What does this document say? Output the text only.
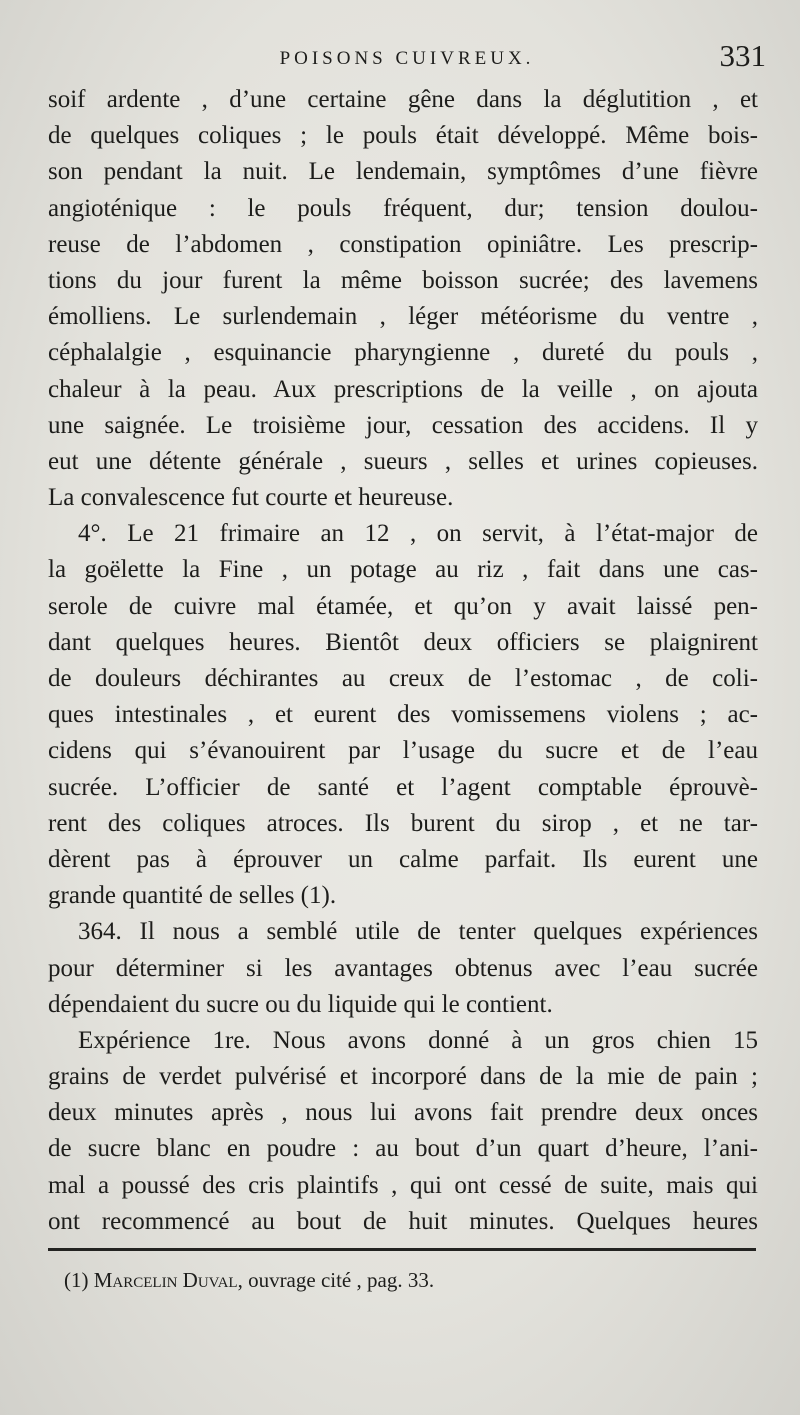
POISONS CUIVREUX.	331
soif ardente , d’une certaine gêne dans la déglutition , et
de quelques coliques ; le pouls était développé. Même bois-
son pendant la nuit. Le lendemain, symptômes d’une fièvre
angioténique : le pouls fréquent, dur; tension doulou-
reuse de l’abdomen , constipation opiniâtre. Les prescrip-
tions du jour furent la même boisson sucrée; des lavemens
émolliens. Le surlendemain , léger météorisme du ventre ,
céphalalgie , esquinancie pharyngienne , dureté du pouls ,
chaleur à la peau. Aux prescriptions de la veille , on ajouta
une saignée. Le troisième jour, cessation des accidens. Il y
eut une détente générale , sueurs , selles et urines copieuses.
La convalescence fut courte et heureuse.
4°. Le 21 frimaire an 12 , on servit, à l’état-major de
la goëlette la Fine , un potage au riz , fait dans une cas-
serole de cuivre mal étamée, et qu’on y avait laissé pen-
dant quelques heures. Bientôt deux officiers se plaignirent
de douleurs déchirantes au creux de l’estomac , de coli-
ques intestinales , et eurent des vomissemens violens ; ac-
cidens qui s’évanouirent par l’usage du sucre et de l’eau
sucrée. L’officier de santé et l’agent comptable éprouvè-
rent des coliques atroces. Ils burent du sirop , et ne tar-
dèrent pas à éprouver un calme parfait. Ils eurent une
grande quantité de selles (1).
364. Il nous a semblé utile de tenter quelques expériences
pour déterminer si les avantages obtenus avec l’eau sucrée
dépendaient du sucre ou du liquide qui le contient.
Expérience 1re. Nous avons donné à un gros chien 15
grains de verdet pulvérisé et incorporé dans de la mie de pain ;
deux minutes après , nous lui avons fait prendre deux onces
de sucre blanc en poudre : au bout d’un quart d’heure, l’ani-
mal a poussé des cris plaintifs , qui ont cessé de suite, mais qui
ont recommencé au bout de huit minutes. Quelques heures
(1) Marcelin Duval, ouvrage cité , pag. 33.
